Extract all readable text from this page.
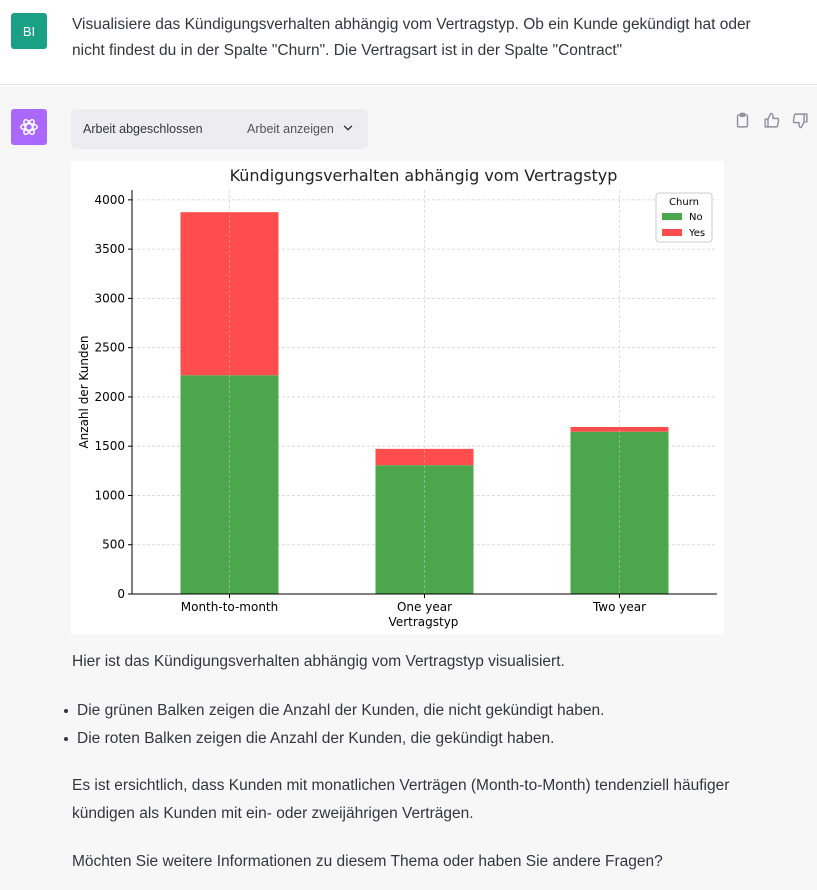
BI	Visualisiere das Kündigungsverhalten abhängig vom Vertragstyp. Ob ein Kunde gekündigt hat oder nicht findest du in der Spalte "Churn". Die Vertragsart ist in der Spalte "Contract"
Arbeit abgeschlossen	Arbeit anzeigen
0
500
1000
1500
2000
2500
3000
3500
4000
Month-to-month	One year	Two year
Kündigungsverhalten abhängig vom Vertragstyp
Vertragstyp
Anzahl der Kunden
Churn
No
Yes
Hier ist das Kündigungsverhalten abhängig vom Vertragstyp visualisiert.
Die grünen Balken zeigen die Anzahl der Kunden, die nicht gekündigt haben.
Die roten Balken zeigen die Anzahl der Kunden, die gekündigt haben.
Es ist ersichtlich, dass Kunden mit monatlichen Verträgen (Month-to-Month) tendenziell häufiger kündigen als Kunden mit ein- oder zweijährigen Verträgen.
Möchten Sie weitere Informationen zu diesem Thema oder haben Sie andere Fragen?
